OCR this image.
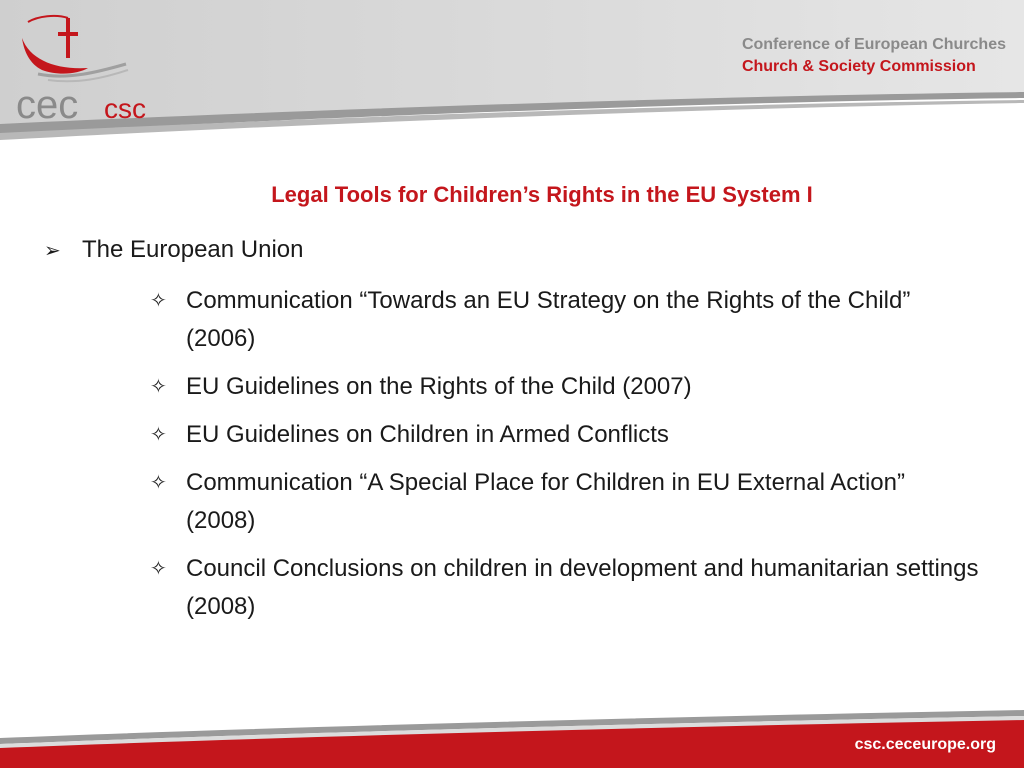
cec csc
Conference of European Churches
Church & Society Commission
Legal Tools for Children’s Rights in the EU System I
➢ The European Union
✧ Communication “Towards an EU Strategy on the Rights of the Child” (2006)
✧ EU Guidelines on the Rights of the Child (2007)
✧ EU Guidelines on Children in Armed Conflicts
✧ Communication “A Special Place for Children in EU External Action” (2008)
✧ Council Conclusions on children in development and humanitarian settings (2008)
csc.ceceurope.org
